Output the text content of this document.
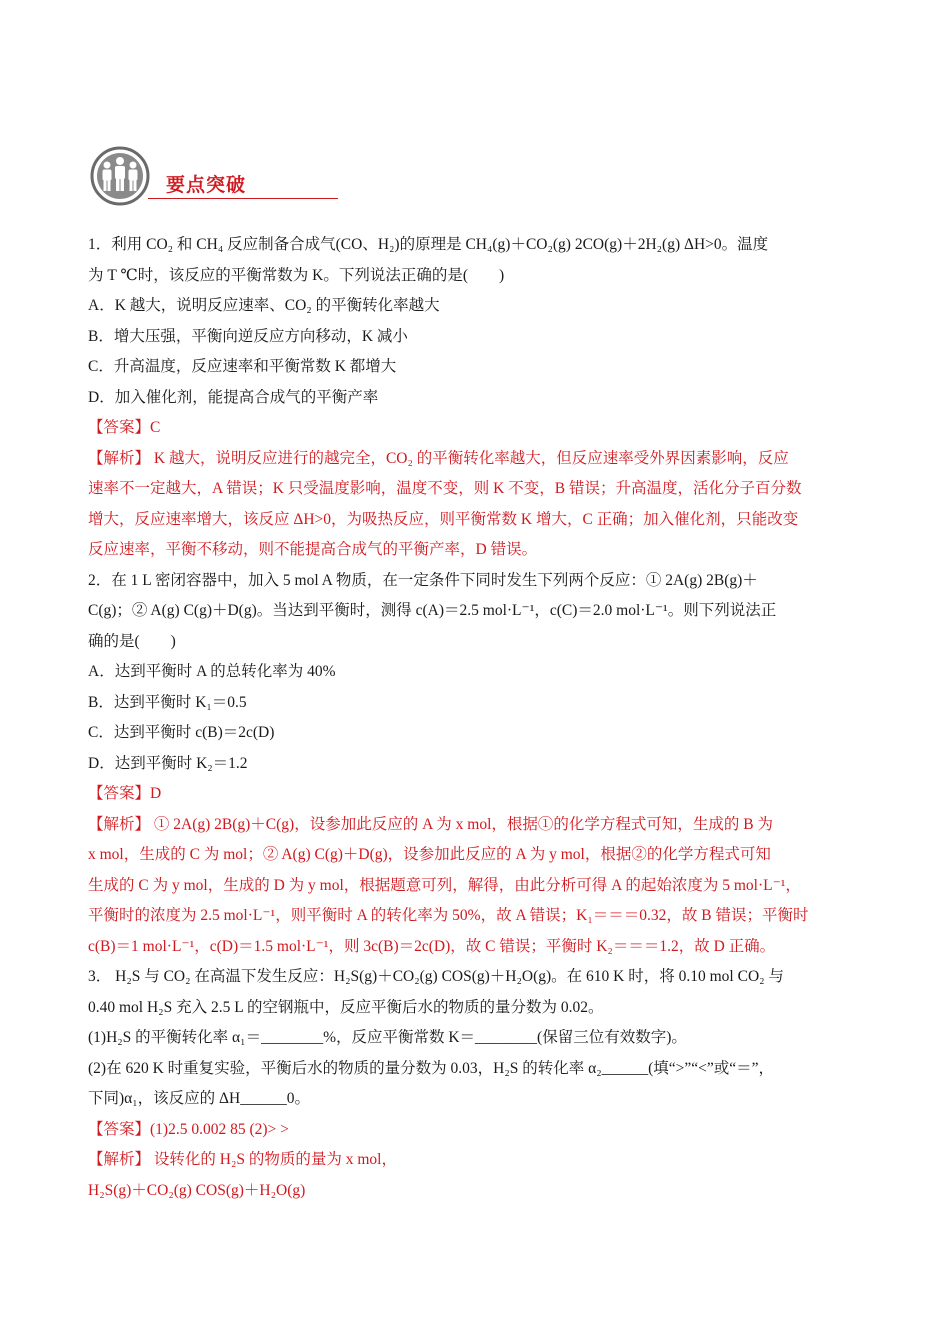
要点突破
1．利用 CO₂ 和 CH₄ 反应制备合成气(CO、H₂)的原理是 CH₄(g)＋CO₂(g) 2CO(g)＋2H₂(g) ΔH>0。温度
为 T ℃时，该反应的平衡常数为 K。下列说法正确的是(　　)
A．K 越大，说明反应速率、CO₂ 的平衡转化率越大
B．增大压强，平衡向逆反应方向移动，K 减小
C．升高温度，反应速率和平衡常数 K 都增大
D．加入催化剂，能提高合成气的平衡产率
【答案】C
【解析】 K 越大，说明反应进行的越完全，CO₂ 的平衡转化率越大，但反应速率受外界因素影响，反应
速率不一定越大，A 错误；K 只受温度影响，温度不变，则 K 不变，B 错误；升高温度，活化分子百分数
增大，反应速率增大，该反应 ΔH>0，为吸热反应，则平衡常数 K 增大，C 正确；加入催化剂，只能改变
反应速率，平衡不移动，则不能提高合成气的平衡产率，D 错误。
2．在 1 L 密闭容器中，加入 5 mol A 物质，在一定条件下同时发生下列两个反应：① 2A(g) 2B(g)＋
C(g)；② A(g) C(g)＋D(g)。当达到平衡时，测得 c(A)＝2.5 mol·L⁻¹，c(C)＝2.0 mol·L⁻¹。则下列说法正
确的是(　　)
A．达到平衡时 A 的总转化率为 40%
B．达到平衡时 K₁＝0.5
C．达到平衡时 c(B)＝2c(D)
D．达到平衡时 K₂＝1.2
【答案】D
【解析】 ① 2A(g) 2B(g)＋C(g)，设参加此反应的 A 为 x mol，根据①的化学方程式可知，生成的 B 为
x mol，生成的 C 为 mol；② A(g) C(g)＋D(g)，设参加此反应的 A 为 y mol，根据②的化学方程式可知
生成的 C 为 y mol，生成的 D 为 y mol，根据题意可列，解得，由此分析可得 A 的起始浓度为 5 mol·L⁻¹，
平衡时的浓度为 2.5 mol·L⁻¹，则平衡时 A 的转化率为 50%，故 A 错误；K₁＝＝＝0.32，故 B 错误；平衡时
c(B)＝1 mol·L⁻¹，c(D)＝1.5 mol·L⁻¹，则 3c(B)＝2c(D)，故 C 错误；平衡时 K₂＝＝＝1.2，故 D 正确。
3． H₂S 与 CO₂ 在高温下发生反应：H₂S(g)＋CO₂(g) COS(g)＋H₂O(g)。在 610 K 时，将 0.10 mol CO₂ 与
0.40 mol H₂S 充入 2.5 L 的空钢瓶中，反应平衡后水的物质的量分数为 0.02。
(1)H₂S 的平衡转化率 α₁＝________%，反应平衡常数 K＝________(保留三位有效数字)。
(2)在 620 K 时重复实验，平衡后水的物质的量分数为 0.03，H₂S 的转化率 α₂______(填“>”“<”或“＝”，
下同)α₁，该反应的 ΔH______0。
【答案】(1)2.5 0.002 85 (2)> >
【解析】 设转化的 H₂S 的物质的量为 x mol，
H₂S(g)＋CO₂(g) COS(g)＋H₂O(g)
